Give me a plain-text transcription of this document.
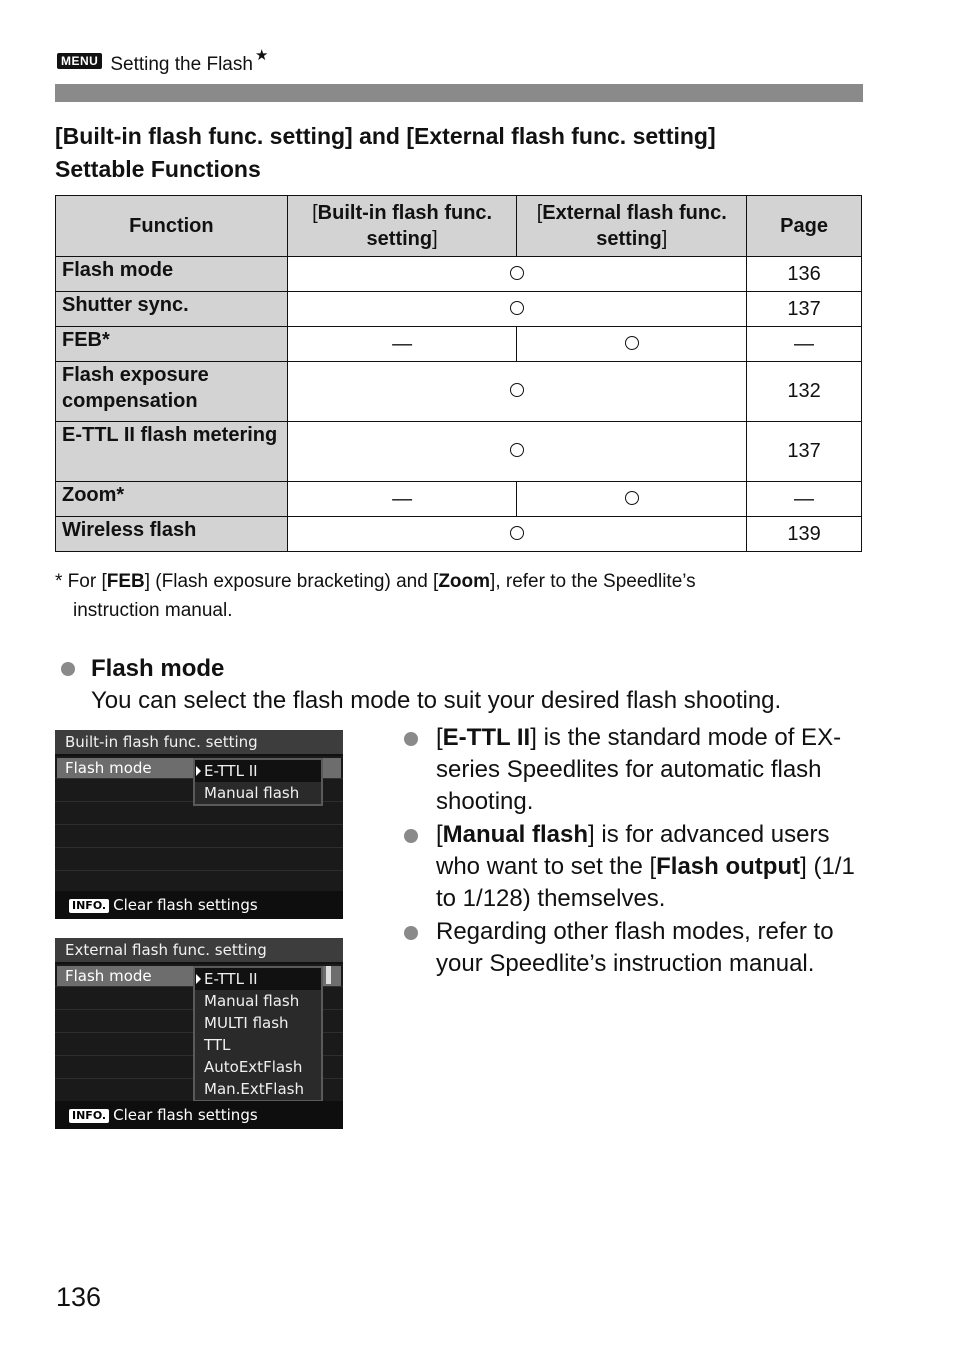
MENU Setting the Flash ★
[Built-in flash func. setting] and [External flash func. setting]
Settable Functions
Function	[Built-in flash func. setting]	[External flash func. setting]	Page
Flash mode			136
Shutter sync.			137
FEB*	—		—
Flash exposure compensation			132
E-TTL II flash metering			137
Zoom*	—		—
Wireless flash			139
* For [FEB] (Flash exposure bracketing) and [Zoom], refer to the Speedlite’s
instruction manual.
Flash mode
You can select the flash mode to suit your desired flash shooting.
Built-in flash func. setting
Flash mode	E-TTL II
Manual flash
INFO. Clear flash settings
External flash func. setting
Flash mode	E-TTL II
Manual flash
MULTI flash
TTL
AutoExtFlash
Man.ExtFlash
INFO. Clear flash settings
[E-TTL II] is the standard mode of EX-series Speedlites for automatic flash shooting.
[Manual flash] is for advanced users who want to set the [Flash output] (1/1 to 1/128) themselves.
Regarding other flash modes, refer to your Speedlite’s instruction manual.
136
